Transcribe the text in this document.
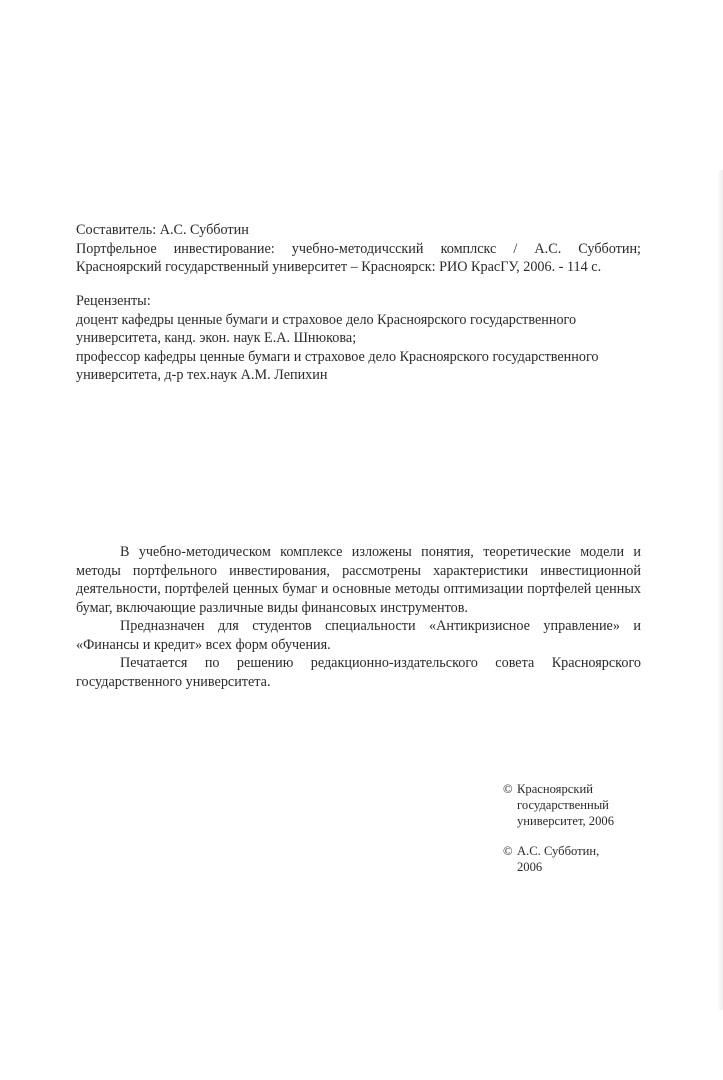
Составитель: А.С. Субботин
Портфельное инвестирование: учебно-методичсский комплскс / А.С. Субботин;
Красноярский государственный университет – Красноярск: РИО КрасГУ, 2006. - 114 с.
Рецензенты:
доцент кафедры ценные бумаги и страховое дело Красноярского государственного
университета, канд. экон. наук Е.А. Шнюкова;
профессор кафедры ценные бумаги и страховое дело Красноярского государственного
университета, д-р тех.наук А.М. Лепихин

В учебно-методическом комплексе изложены понятия, теоретические модели и методы портфельного инвестирования, рассмотрены характеристики инвестиционной деятельности, портфелей ценных бумаг и основные методы оптимизации портфелей ценных бумаг, включающие различные виды финансовых инструментов.

Предназначен для студентов специальности «Антикризисное управление» и «Финансы и кредит» всех форм обучения.

Печатается по решению редакционно-издательского совета Красноярского государственного университета.

© Красноярский
государственный
университет, 2006
© А.С. Субботин,
2006
